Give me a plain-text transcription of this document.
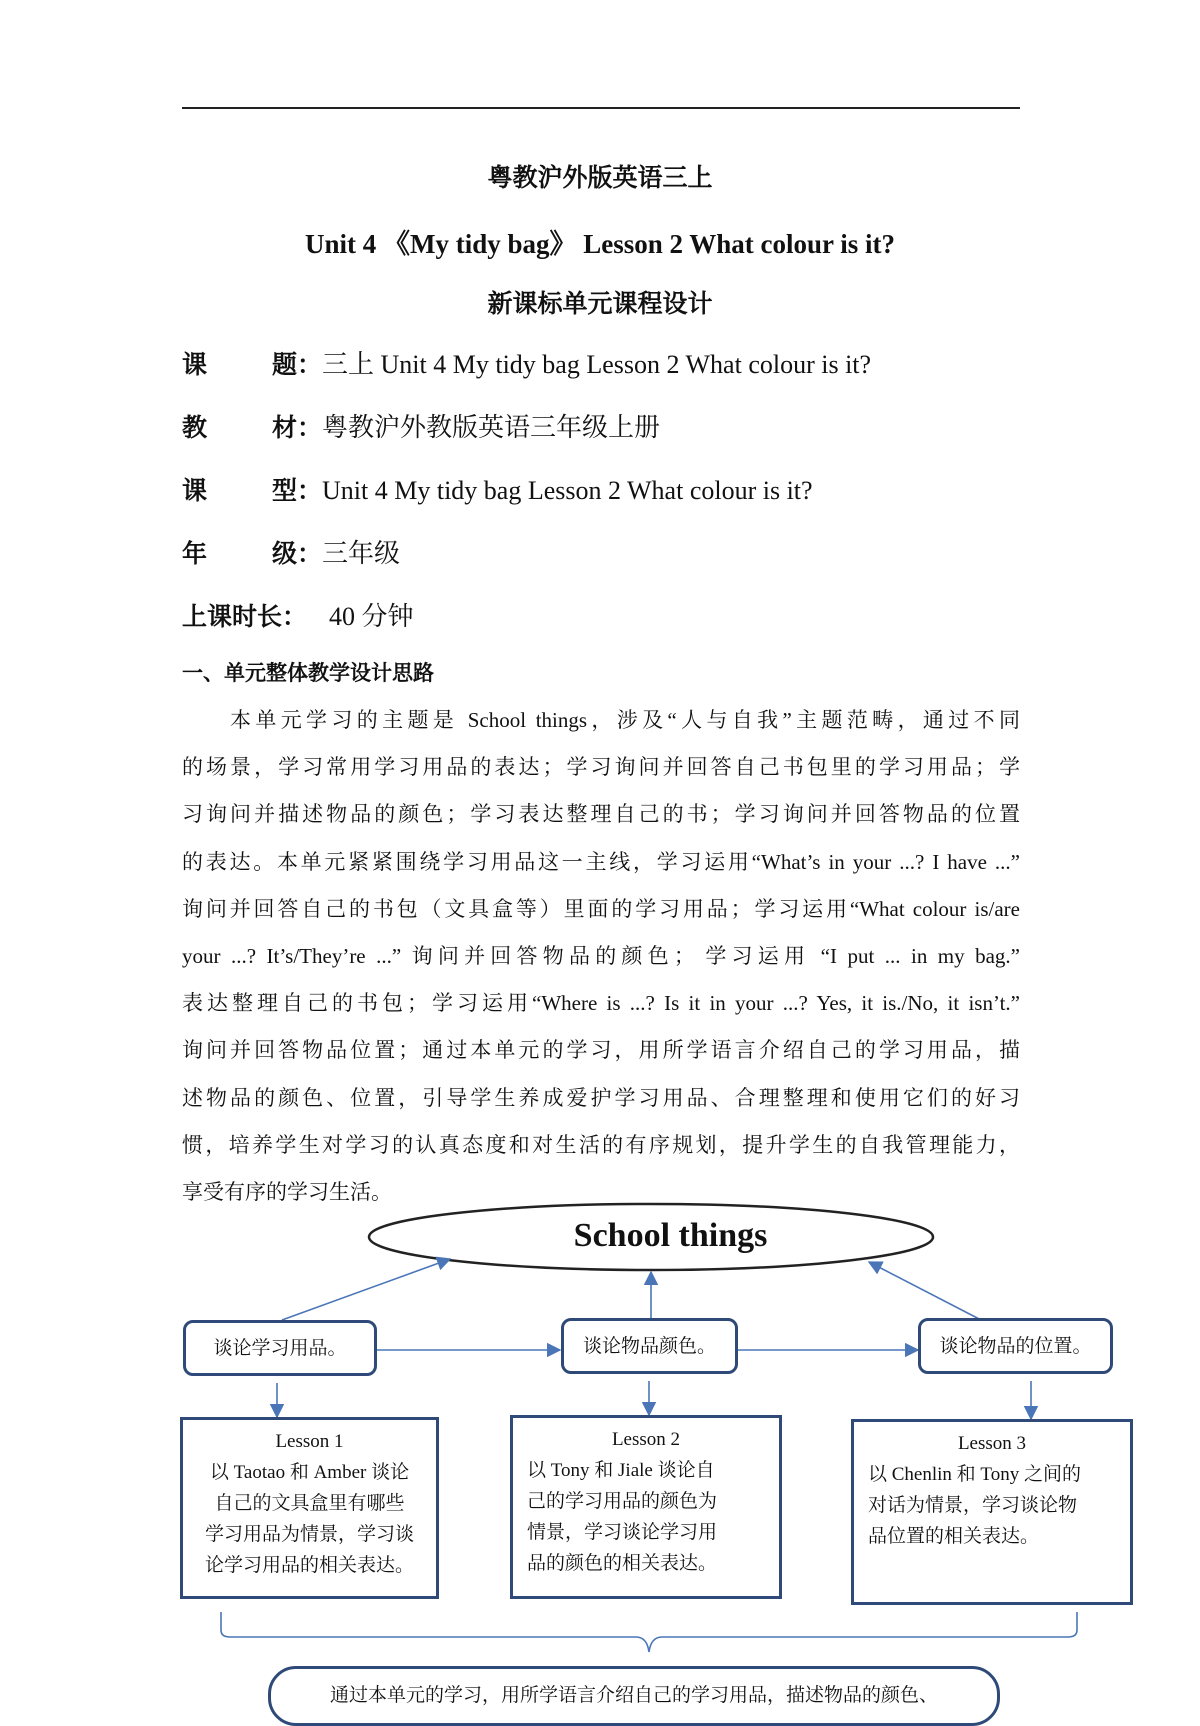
粤教沪外版英语三上
Unit 4 《My tidy bag》 Lesson 2 What colour is it?
新课标单元课程设计
课	题： 三上 Unit 4 My tidy bag Lesson 2 What colour is it?
教	材： 粤教沪外教版英语三年级上册
课	型： Unit 4 My tidy bag Lesson 2 What colour is it?
年	级： 三年级
上课时长： 40 分钟
一、单元整体教学设计思路
本单元学习的主题是 School things，涉及“人与自我”主题范畴，通过不同
的场景，学习常用学习用品的表达；学习询问并回答自己书包里的学习用品；学
习询问并描述物品的颜色；学习表达整理自己的书；学习询问并回答物品的位置
的表达。本单元紧紧围绕学习用品这一主线，学习运用“What’s in your ...? I have ...”
询问并回答自己的书包（文具盒等）里面的学习用品；学习运用“What colour is/are
your ...? It’s/They’re ...” 询问并回答物品的颜色； 学习运用 “I put ... in my bag.”
表达整理自己的书包；学习运用“Where is ...? Is it in your ...? Yes, it is./No, it isn’t.”
询问并回答物品位置；通过本单元的学习，用所学语言介绍自己的学习用品，描
述物品的颜色、位置，引导学生养成爱护学习用品、合理整理和使用它们的好习
惯，培养学生对学习的认真态度和对生活的有序规划，提升学生的自我管理能力，
享受有序的学习生活。
School things
谈论学习用品。	谈论物品颜色。	谈论物品的位置。
Lesson 1
以 Taotao 和 Amber 谈论
自己的文具盒里有哪些
学习用品为情景，学习谈
论学习用品的相关表达。
Lesson 2
以 Tony 和 Jiale 谈论自
己的学习用品的颜色为
情景，学习谈论学习用
品的颜色的相关表达。
Lesson 3
以 Chenlin 和 Tony 之间的
对话为情景，学习谈论物
品位置的相关表达。
通过本单元的学习，用所学语言介绍自己的学习用品，描述物品的颜色、
